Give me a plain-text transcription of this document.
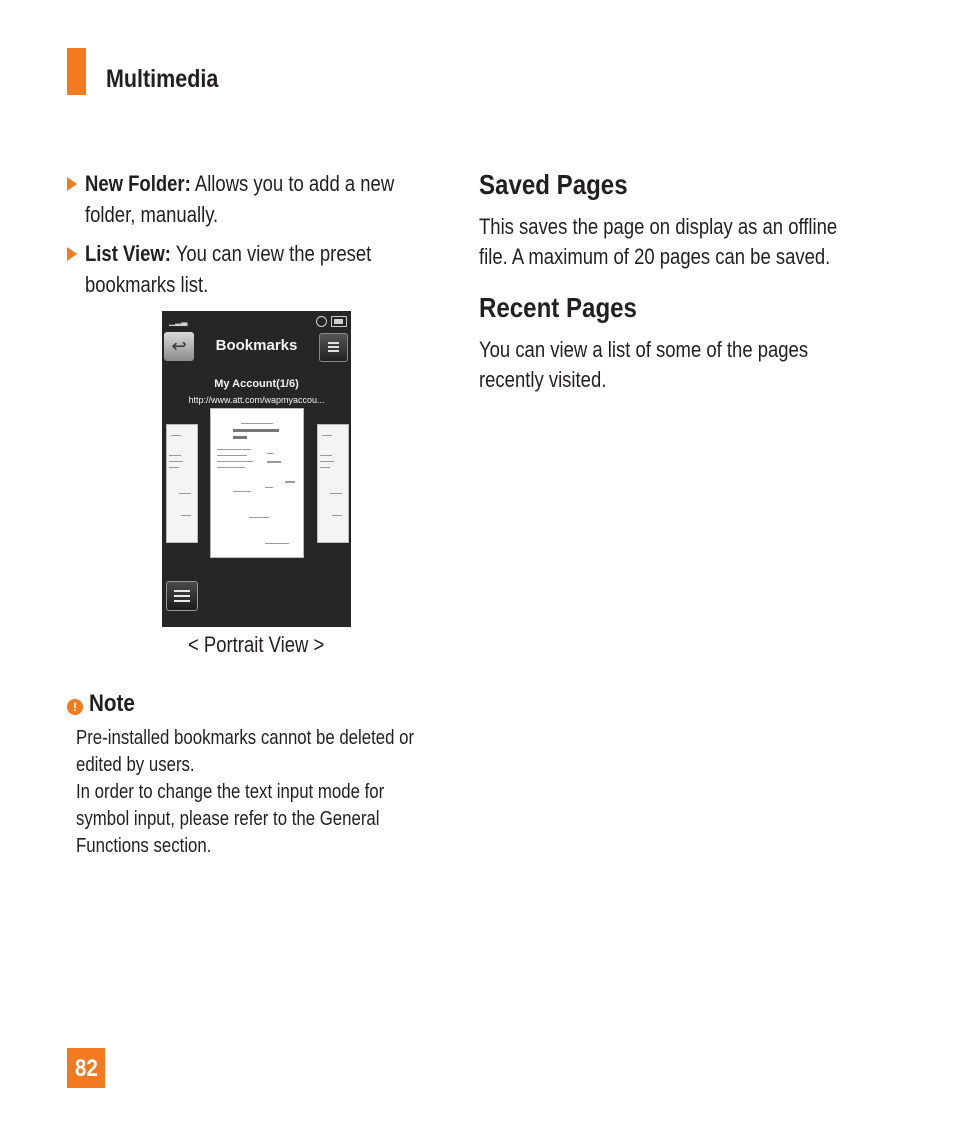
Multimedia
New Folder: Allows you to add a new folder, manually.
List View: You can view the preset bookmarks list.
▁▂▃
↩	Bookmarks
My Account(1/6)
http://www.att.com/wapmyaccou...
< Portrait View >
! Note
Pre-installed bookmarks cannot be deleted or edited by users.
In order to change the text input mode for symbol input, please refer to the General Functions section.
Saved Pages
This saves the page on display as an offline file. A maximum of 20 pages can be saved.
Recent Pages
You can view a list of some of the pages recently visited.
82
